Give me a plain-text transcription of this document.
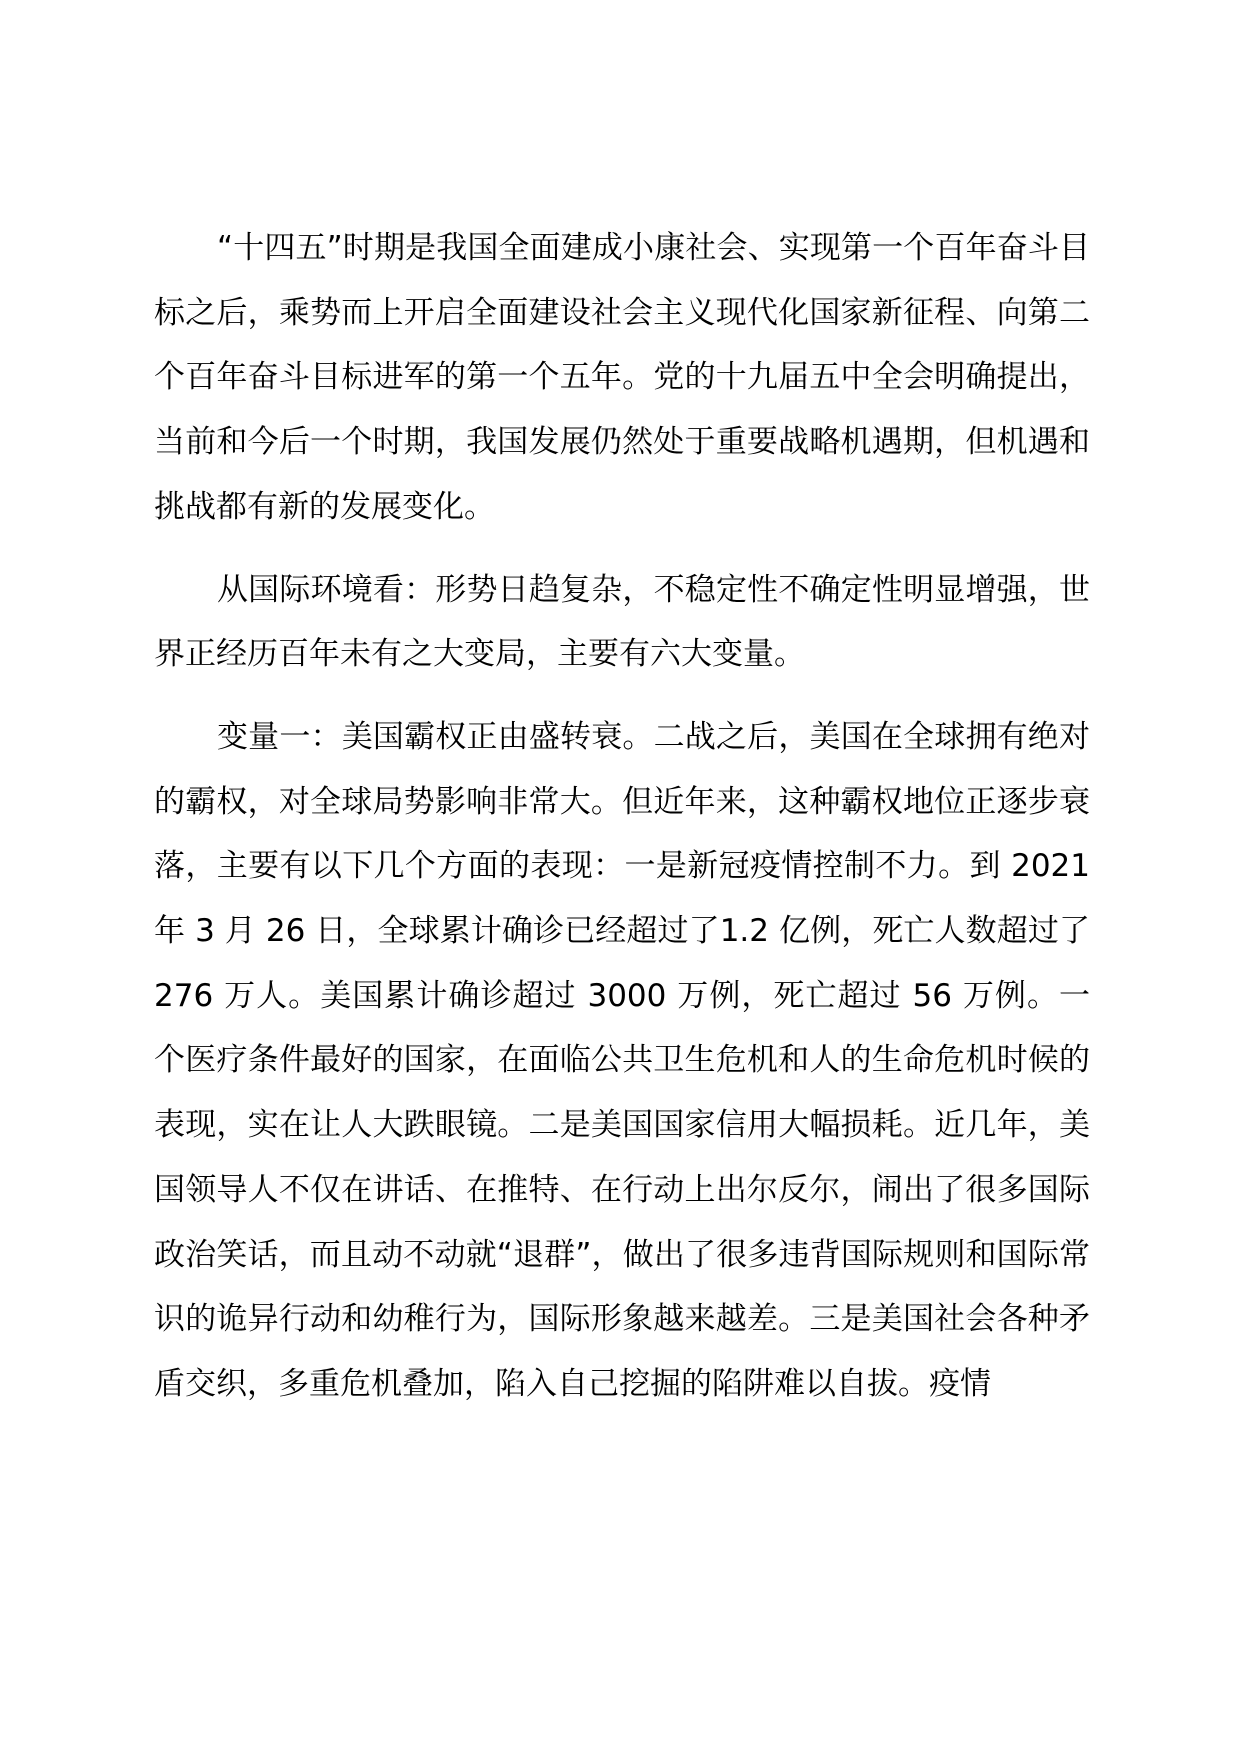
“十四五”时期是我国全面建成小康社会、实现第一个百年奋斗目标之后，乘势而上开启全面建设社会主义现代化国家新征程、向第二个百年奋斗目标进军的第一个五年。党的十九届五中全会明确提出，当前和今后一个时期，我国发展仍然处于重要战略机遇期，但机遇和挑战都有新的发展变化。

从国际环境看：形势日趋复杂，不稳定性不确定性明显增强，世界正经历百年未有之大变局，主要有六大变量。

变量一：美国霸权正由盛转衰。二战之后，美国在全球拥有绝对的霸权，对全球局势影响非常大。但近年来，这种霸权地位正逐步衰落，主要有以下几个方面的表现：一是新冠疫情控制不力。到 2021 年 3 月 26 日，全球累计确诊已经超过了1.2 亿例，死亡人数超过了 276 万人。美国累计确诊超过 3000 万例，死亡超过 56 万例。一个医疗条件最好的国家，在面临公共卫生危机和人的生命危机时候的表现，实在让人大跌眼镜。二是美国国家信用大幅损耗。近几年，美国领导人不仅在讲话、在推特、在行动上出尔反尔，闹出了很多国际政治笑话，而且动不动就“退群”，做出了很多违背国际规则和国际常识的诡异行动和幼稚行为，国际形象越来越差。三是美国社会各种矛盾交织，多重危机叠加，陷入自己挖掘的陷阱难以自拔。疫情
